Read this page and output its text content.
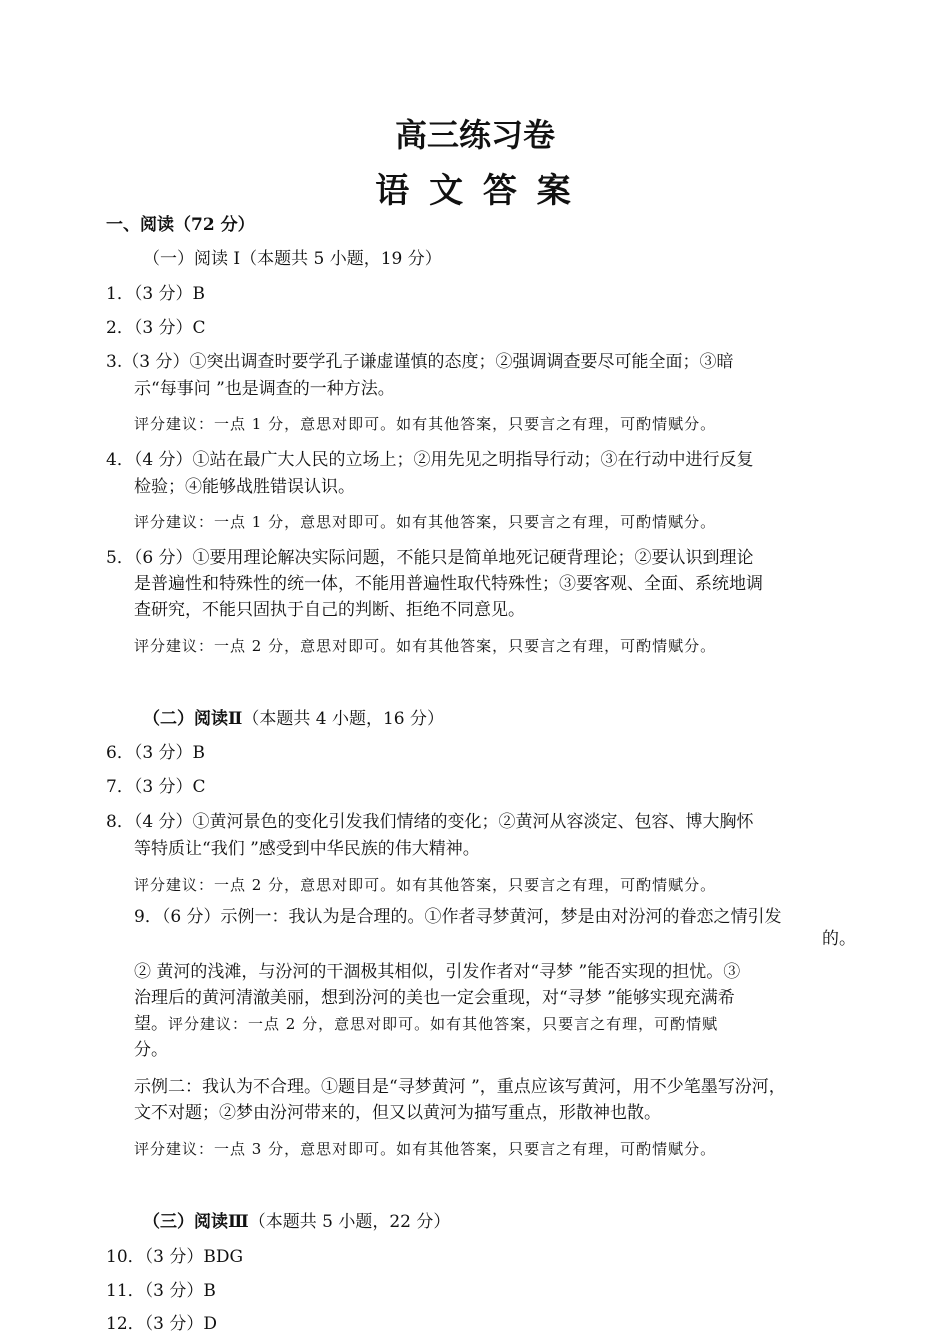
高三练习卷
语 文 答 案
一、阅读（72 分）
（一）阅读 Ⅰ（本题共 5 小题，19 分）
1．（3 分）B
2．（3 分）C
3.（3 分）①突出调查时要学孔子谦虚谨慎的态度；②强调调查要尽可能全面；③暗
示“每事问 ”也是调查的一种方法。
评分建议：一点 1 分，意思对即可。如有其他答案，只要言之有理，可酌情赋分。
4．（4 分）①站在最广大人民的立场上；②用先见之明指导行动；③在行动中进行反复
检验；④能够战胜错误认识。
评分建议：一点 1 分，意思对即可。如有其他答案，只要言之有理，可酌情赋分。
5．（6 分）①要用理论解决实际问题，不能只是简单地死记硬背理论；②要认识到理论
是普遍性和特殊性的统一体，不能用普遍性取代特殊性；③要客观、全面、系统地调
查研究，不能只固执于自己的判断、拒绝不同意见。
评分建议：一点 2 分，意思对即可。如有其他答案，只要言之有理，可酌情赋分。
（二）阅读Ⅱ（本题共 4 小题，16 分）
6．（3 分）B
7．（3 分）C
8．（4 分）①黄河景色的变化引发我们情绪的变化；②黄河从容淡定、包容、博大胸怀
等特质让“我们 ”感受到中华民族的伟大精神。
评分建议：一点 2 分，意思对即可。如有其他答案，只要言之有理，可酌情赋分。
9．（6 分）示例一：我认为是合理的。①作者寻梦黄河，梦是由对汾河的眷恋之情引发
的。
② 黄河的浅滩，与汾河的干涸极其相似，引发作者对“寻梦 ”能否实现的担忧。③
治理后的黄河清澈美丽，想到汾河的美也一定会重现，对“寻梦 ”能够实现充满希
望。评分建议：一点 2 分，意思对即可。如有其他答案，只要言之有理，可酌情赋
分。
示例二：我认为不合理。①题目是“寻梦黄河 ”，重点应该写黄河，用不少笔墨写汾河，
文不对题；②梦由汾河带来的，但又以黄河为描写重点，形散神也散。
评分建议：一点 3 分，意思对即可。如有其他答案，只要言之有理，可酌情赋分。
（三）阅读Ⅲ（本题共 5 小题，22 分）
10．（3 分）BDG
11．（3 分）B
12．（3 分）D
